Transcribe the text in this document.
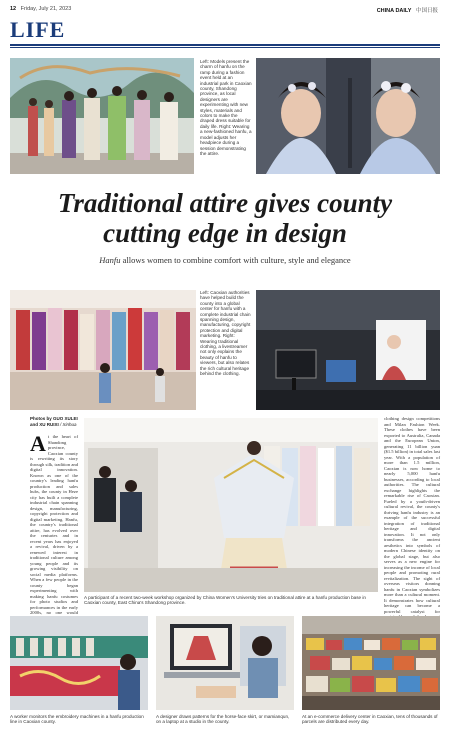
12 Friday, July 21, 2023	CHINA DAILY 中国日报
LIFE
Left: Models present the charm of hanfu on the ramp during a fashion event held at an industrial park in Caoxian county, Shandong province, as local designers are experimenting with new styles, materials and colors to make the draped dress suitable for daily life. Right: Wearing a new-fashioned hanfu, a model adjusts her headpiece during a session demonstrating the attire.
Traditional attire gives county
cutting edge in design
Hanfu allows women to combine comfort with culture, style and elegance
Left: Caoxian authorities have helped build the county into a global center for hanfu with a complete industrial chain spanning design, manufacturing, copyright protection and digital marketing. Right: Wearing traditional clothing, a livestreamer not only explains the beauty of hanfu to viewers, but also relates the rich cultural heritage behind the clothing.
Photos by GUO XULEI
and XU RUIXI / Xinhua
At the heart of Shandong province, Caoxian county is rewriting its story through silk, tradition and digital innovation. Known as one of the country's leading hanfu production and sales hubs, the county in Heze city has built a complete industrial chain spanning design, manufacturing, copyright protection and digital marketing. Hanfu, the country's traditional attire, has evolved over the centuries and in recent years has enjoyed a revival, driven by a renewed interest in traditional culture among young people and its growing visibility on social media platforms. When a few people in the county began experimenting with making hanfu costumes for photo studios and performances in the early 2000s, no one would
A participant of a recent two-week workshop organized by China Women's University tries on traditional attire at a hanfu production base in Caoxian county, East China's Shandong province.
clothing design competitions and Milan Fashion Week. These clothes have been exported to Australia, Canada and the European Union, generating 11 billion yuan ($1.5 billion) in total sales last year. With a population of more than 1.5 million, Caoxian is now home to nearly 5,000 hanfu businesses, according to local authorities. The cultural exchange highlights the remarkable rise of Caoxian. Fueled by a youth-driven cultural revival, the county's thriving hanfu industry is an example of the successful integration of traditional heritage and digital innovation. It not only transforms the ancient aesthetics into symbols of modern Chinese identity on the global stage, but also serves as a new engine for increasing the income of local people and promoting rural revitalization. The sight of overseas visitors donning hanfu in Caoxian symbolizes more than a cultural moment. It demonstrates how cultural heritage can become a powerful catalyst for
A worker monitors the embroidery machines in a hanfu production line in Caoxian county.
A designer draws patterns for the horse-face skirt, or mamianqun, on a laptop at a studio in the county.
At an e-commerce delivery center in Caoxian, tens of thousands of parcels are distributed every day.
